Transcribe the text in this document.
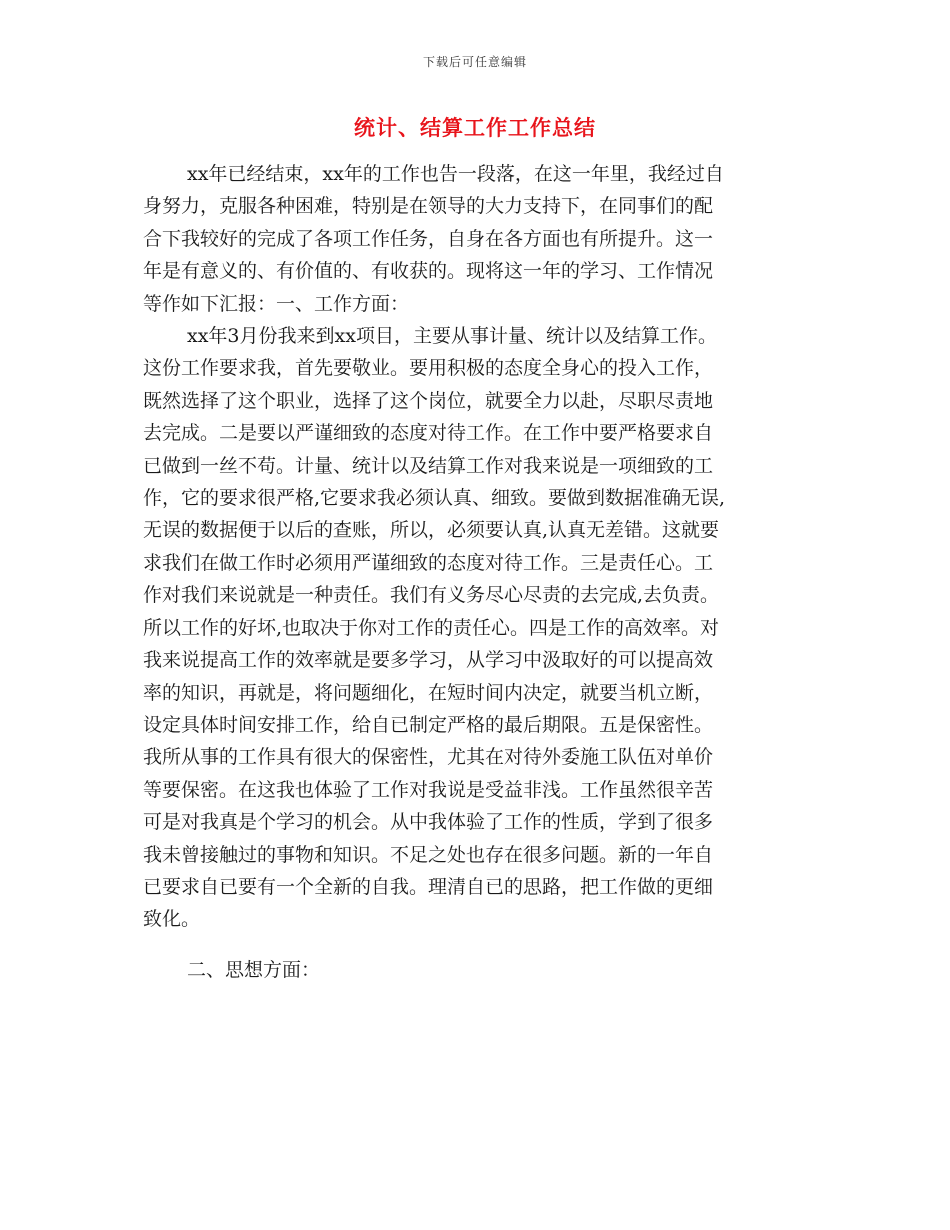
下载后可任意编辑
统计、结算工作工作总结
xx年已经结束，xx年的工作也告一段落，在这一年里，我经过自
身努力，克服各种困难，特别是在领导的大力支持下，在同事们的配
合下我较好的完成了各项工作任务，自身在各方面也有所提升。这一
年是有意义的、有价值的、有收获的。现将这一年的学习、工作情况
等作如下汇报：一、工作方面：
xx年3月份我来到xx项目，主要从事计量、统计以及结算工作。
这份工作要求我，首先要敬业。要用积极的态度全身心的投入工作，
既然选择了这个职业，选择了这个岗位，就要全力以赴，尽职尽责地
去完成。二是要以严谨细致的态度对待工作。在工作中要严格要求自
已做到一丝不苟。计量、统计以及结算工作对我来说是一项细致的工
作，它的要求很严格,它要求我必须认真、细致。要做到数据准确无误,
无误的数据便于以后的查账，所以，必须要认真,认真无差错。这就要
求我们在做工作时必须用严谨细致的态度对待工作。三是责任心。工
作对我们来说就是一种责任。我们有义务尽心尽责的去完成,去负责。
所以工作的好坏,也取决于你对工作的责任心。四是工作的高效率。对
我来说提高工作的效率就是要多学习，从学习中汲取好的可以提高效
率的知识，再就是，将问题细化，在短时间内决定，就要当机立断，
设定具体时间安排工作，给自已制定严格的最后期限。五是保密性。
我所从事的工作具有很大的保密性，尤其在对待外委施工队伍对单价
等要保密。在这我也体验了工作对我说是受益非浅。工作虽然很辛苦
可是对我真是个学习的机会。从中我体验了工作的性质，学到了很多
我未曾接触过的事物和知识。不足之处也存在很多问题。新的一年自
已要求自已要有一个全新的自我。理清自已的思路，把工作做的更细
致化。
二、思想方面：
